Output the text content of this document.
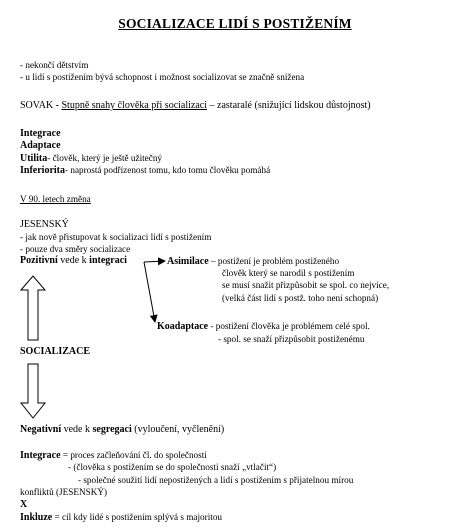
SOCIALIZACE LIDÍ S POSTIŽENÍM
- nekončí dětstvím
- u lidí s postižením bývá schopnost i možnost socializovat se značně snížena
SOVAK - Stupně snahy člověka při socializaci – zastaralé (snižující lidskou důstojnost)
Integrace
Adaptace
Utilita- člověk, který je ještě užitečný
Inferiorita- naprostá podřízenost tomu, kdo tomu člověku pomáhá
V 90. letech změna
JESENSKÝ
- jak nově přistupovat k socializaci lidí s postižením
- pouze dva směry socializace
Pozitivní vede k integraci	Asimilace – postižení je problém postiženého
člověk který se narodil s postižením
se musí snažit přizpůsobit se spol. co nejvíce,
(velká část lidí s postž. toho není schopná)
Koadaptace - postižení člověka je problémem celé spol.
- spol. se snaží přizpůsobit postiženému
SOCIALIZACE
Negativní vede k segregaci (vyloučení, vyčlenění)
Integrace = proces začleňování čl. do společnosti
- (člověka s postižením se do společnosti snaží „vtlačit“)
- společné soužití lidí nepostižených a lidí s postižením s přijatelnou mírou
konfliktů (JESENSKÝ)
X
Inkluze = cíl kdy lidé s postižením splývá s majoritou
